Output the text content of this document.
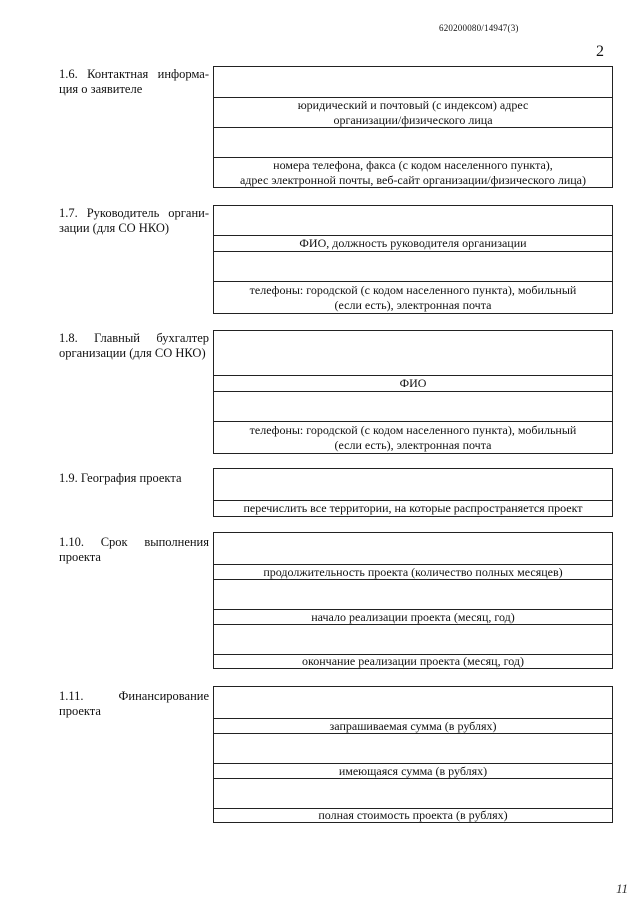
620200080/14947(3)
2
1.6. Контактная информа-ция о заявителе
юридический и почтовый (с индексом) адрес
организации/физического лица
номера телефона, факса (с кодом населенного пункта),
адрес электронной почты, веб-сайт организации/физического лица)
1.7. Руководитель органи-зации (для СО НКО)
ФИО, должность руководителя организации
телефоны: городской (с кодом населенного пункта), мобильный
(если есть), электронная почта
1.8. Главный бухгалтер организации (для СО НКО)
ФИО
телефоны: городской (с кодом населенного пункта), мобильный
(если есть), электронная почта
1.9. География проекта
перечислить все территории, на которые распространяется проект
1.10. Срок выполнения проекта
продолжительность проекта (количество полных месяцев)
начало реализации проекта (месяц, год)
окончание реализации проекта (месяц, год)
1.11. Финансирование проекта
запрашиваемая сумма (в рублях)
имеющаяся сумма (в рублях)
полная стоимость проекта (в рублях)
11
